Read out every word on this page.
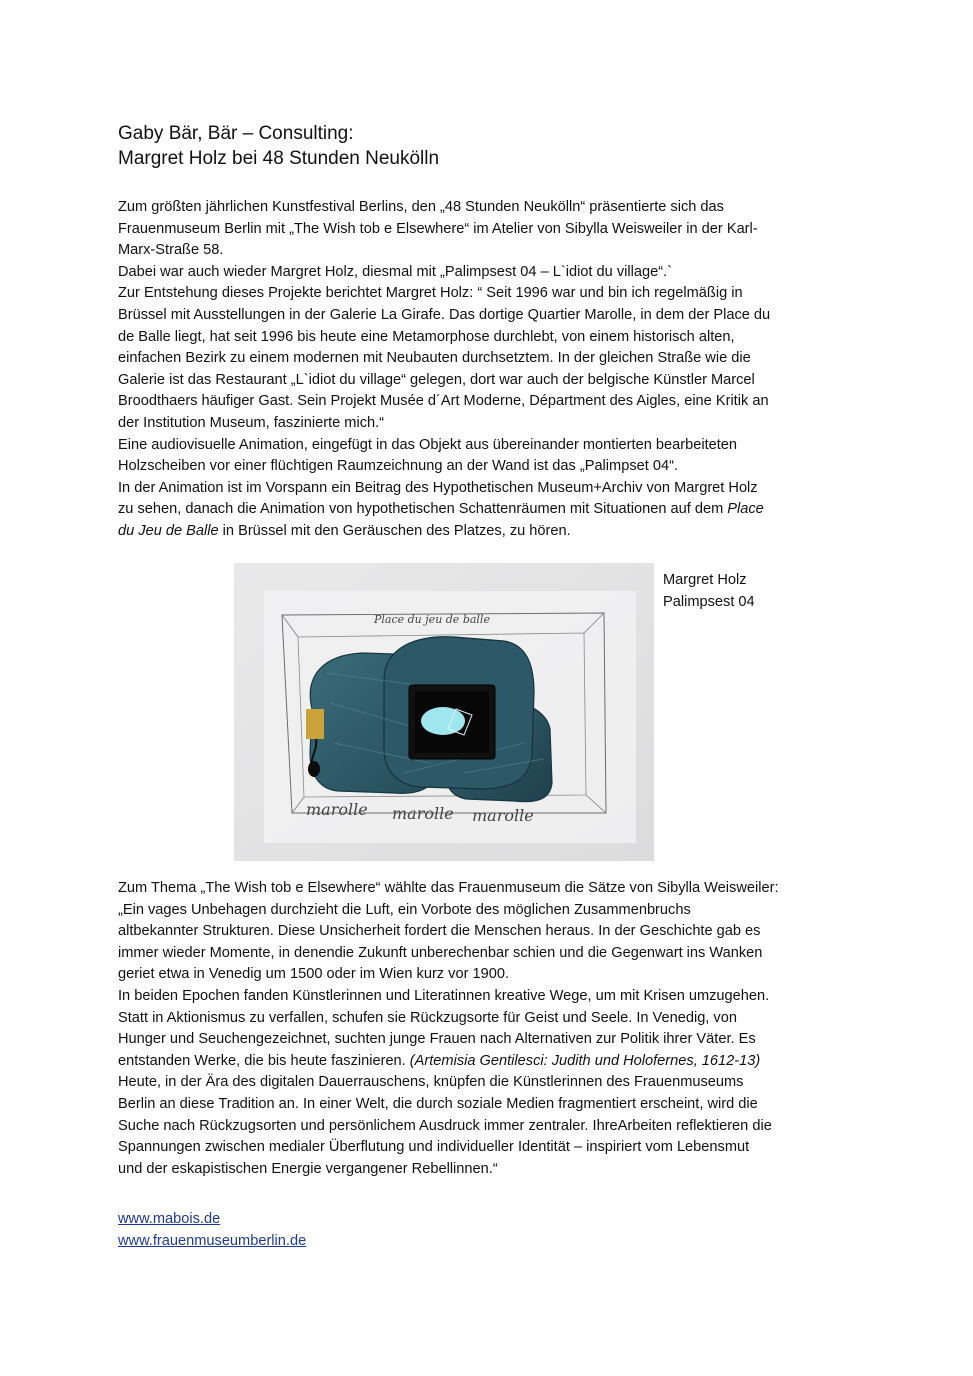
Gaby Bär, Bär – Consulting:
Margret Holz bei 48 Stunden Neukölln

Zum größten jährlichen Kunstfestival Berlins, den „48 Stunden Neukölln“ präsentierte sich das

Frauenmuseum Berlin mit „The Wish tob e Elsewhere“ im Atelier von Sibylla Weisweiler in der Karl-

Marx-Straße 58.

Dabei war auch wieder Margret Holz, diesmal mit „Palimpsest 04 – L`idiot du village“.`

Zur Entstehung dieses Projekte berichtet Margret Holz: “ Seit 1996 war und bin ich regelmäßig in

Brüssel mit Ausstellungen in der Galerie La Girafe. Das dortige Quartier Marolle, in dem der Place du

de Balle liegt, hat seit 1996 bis heute eine Metamorphose durchlebt, von einem historisch alten,

einfachen Bezirk zu einem modernen mit Neubauten durchsetztem. In der gleichen Straße wie die

Galerie ist das Restaurant „L`idiot du village“ gelegen, dort war auch der belgische Künstler Marcel

Broodthaers häufiger Gast. Sein Projekt Musée d´Art Moderne, Départment des Aigles, eine Kritik an

der Institution Museum, faszinierte mich.“

Eine audiovisuelle Animation, eingefügt in das Objekt aus übereinander montierten bearbeiteten

Holzscheiben vor einer flüchtigen Raumzeichnung an der Wand ist das „Palimpset 04“.

In der Animation ist im Vorspann ein Beitrag des Hypothetischen Museum+Archiv von Margret Holz

zu sehen, danach die Animation von hypothetischen Schattenräumen mit Situationen auf dem Place

du Jeu de Balle in Brüssel mit den Geräuschen des Platzes, zu hören.

Place du jeu de balle
marolle marolle marolle
Margret Holz
Palimpsest 04

Zum Thema „The Wish tob e Elsewhere“ wählte das Frauenmuseum die Sätze von Sibylla Weisweiler:

„Ein vages Unbehagen durchzieht die Luft, ein Vorbote des möglichen Zusammenbruchs

altbekannter Strukturen. Diese Unsicherheit fordert die Menschen heraus. In der Geschichte gab es

immer wieder Momente, in denendie Zukunft unberechenbar schien und die Gegenwart ins Wanken

geriet etwa in Venedig um 1500 oder im Wien kurz vor 1900.

In beiden Epochen fanden Künstlerinnen und Literatinnen kreative Wege, um mit Krisen umzugehen.

Statt in Aktionismus zu verfallen, schufen sie Rückzugsorte für Geist und Seele. In Venedig, von

Hunger und Seuchengezeichnet, suchten junge Frauen nach Alternativen zur Politik ihrer Väter. Es

entstanden Werke, die bis heute faszinieren. (Artemisia Gentilesci: Judith und Holofernes, 1612-13)

Heute, in der Ära des digitalen Dauerrauschens, knüpfen die Künstlerinnen des Frauenmuseums

Berlin an diese Tradition an. In einer Welt, die durch soziale Medien fragmentiert erscheint, wird die

Suche nach Rückzugsorten und persönlichem Ausdruck immer zentraler. IhreArbeiten reflektieren die

Spannungen zwischen medialer Überflutung und individueller Identität – inspiriert vom Lebensmut

und der eskapistischen Energie vergangener Rebellinnen.“

www.mabois.de
www.frauenmuseumberlin.de
